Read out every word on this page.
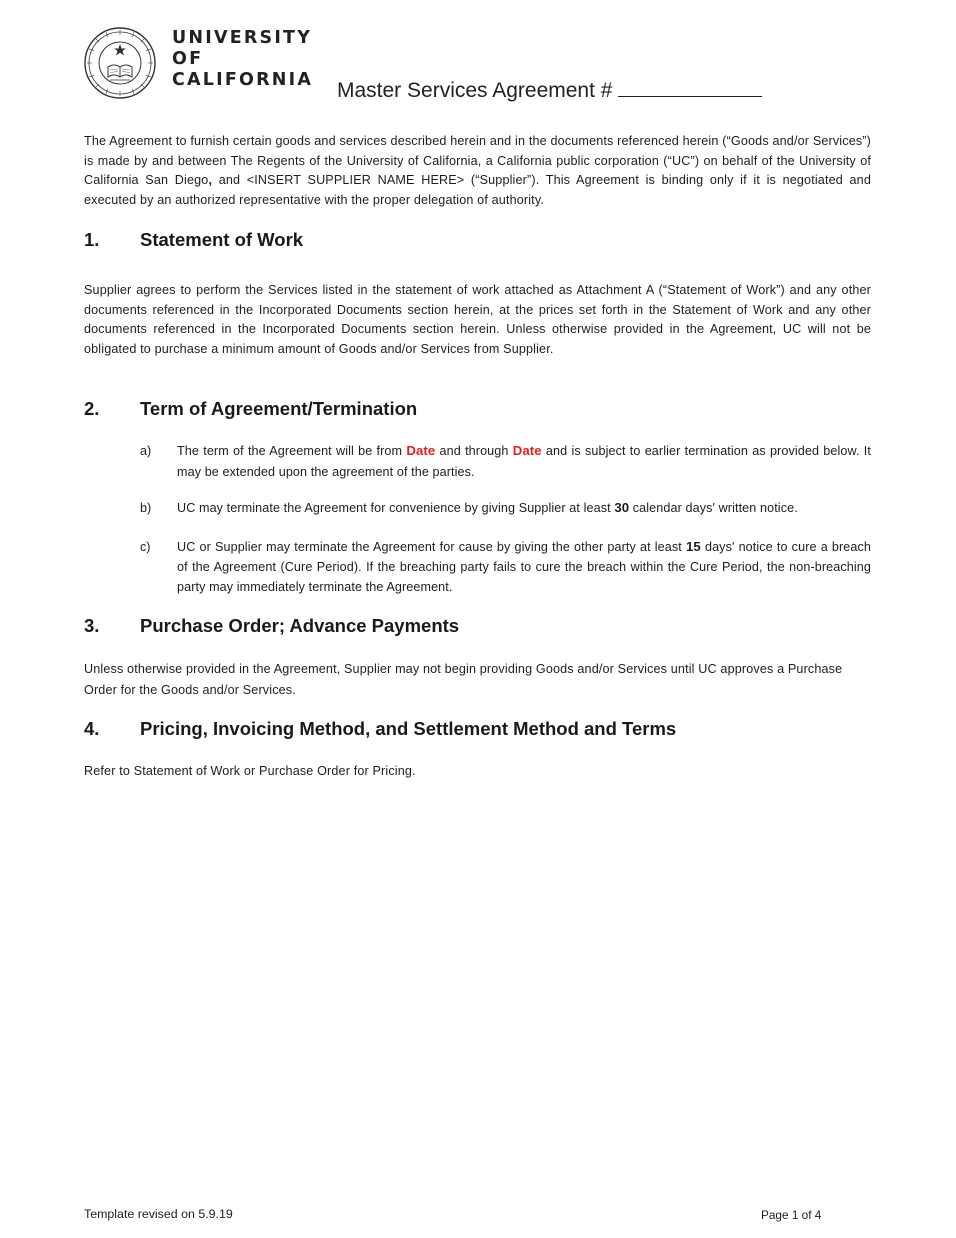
UNIVERSITY
OF
CALIFORNIA Master Services Agreement #
The Agreement to furnish certain goods and services described herein and in the documents referenced herein (“Goods and/or Services”) is made by and between The Regents of the University of California, a California public corporation (“UC”) on behalf of the University of California San Diego, and <INSERT SUPPLIER NAME HERE> (“Supplier”). This Agreement is binding only if it is negotiated and executed by an authorized representative with the proper delegation of authority.
1. Statement of Work
Supplier agrees to perform the Services listed in the statement of work attached as Attachment A (“Statement of Work”) and any other documents referenced in the Incorporated Documents section herein, at the prices set forth in the Statement of Work and any other documents referenced in the Incorporated Documents section herein. Unless otherwise provided in the Agreement, UC will not be obligated to purchase a minimum amount of Goods and/or Services from Supplier.
2. Term of Agreement/Termination
a) The term of the Agreement will be from Date and through Date and is subject to earlier termination as provided below. It may be extended upon the agreement of the parties.
b) UC may terminate the Agreement for convenience by giving Supplier at least 30 calendar days' written notice.
c) UC or Supplier may terminate the Agreement for cause by giving the other party at least 15 days' notice to cure a breach of the Agreement (Cure Period). If the breaching party fails to cure the breach within the Cure Period, the non-breaching party may immediately terminate the Agreement.
3. Purchase Order; Advance Payments
Unless otherwise provided in the Agreement, Supplier may not begin providing Goods and/or Services until UC approves a Purchase Order for the Goods and/or Services.
4. Pricing, Invoicing Method, and Settlement Method and Terms
Refer to Statement of Work or Purchase Order for Pricing.
Template revised on 5.9.19	Page 1 of 4
